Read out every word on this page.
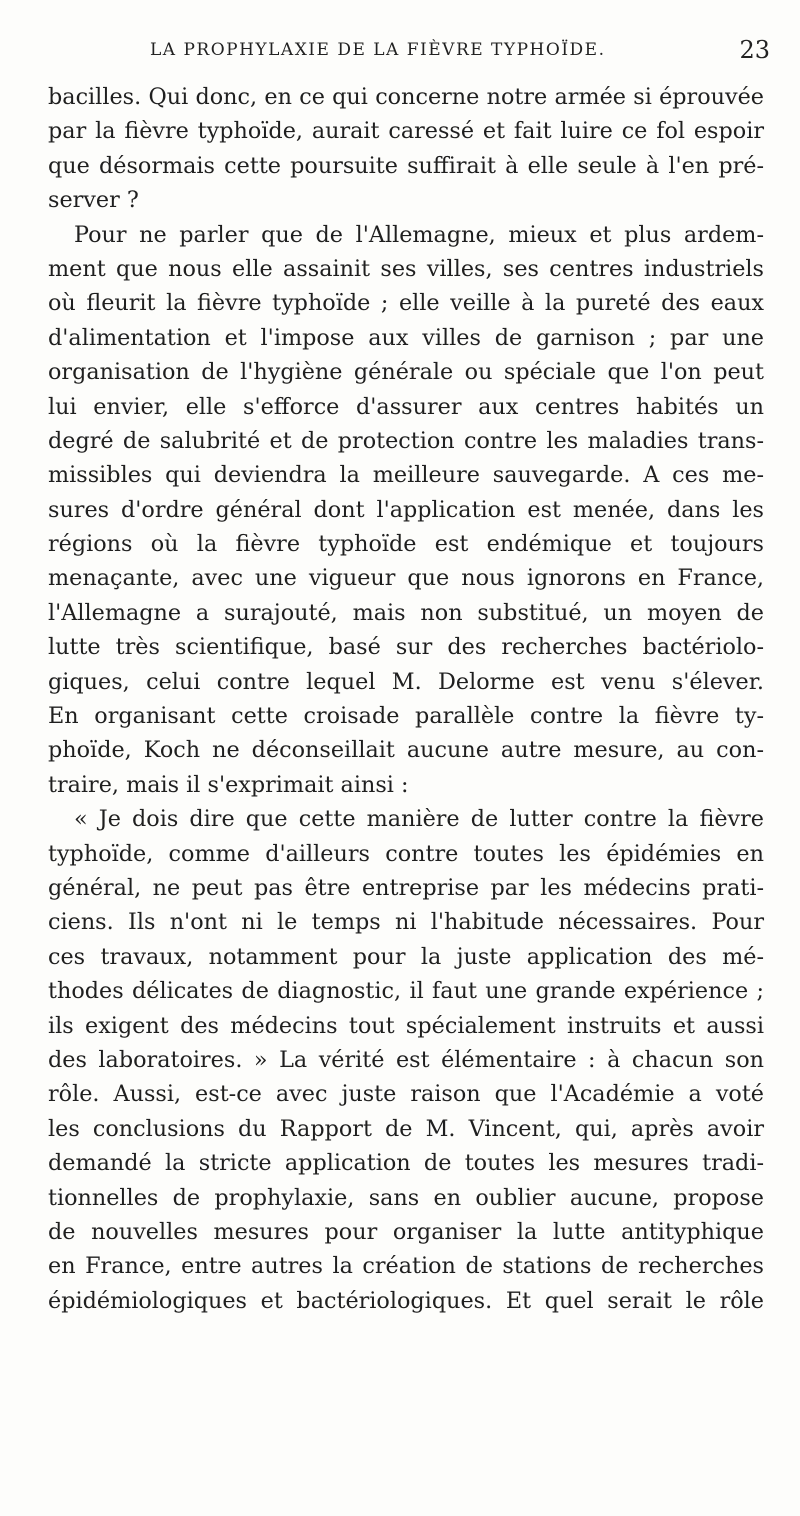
LA PROPHYLAXIE DE LA FIÈVRE TYPHOÏDE.	23
bacilles. Qui donc, en ce qui concerne notre armée si éprouvée
par la fièvre typhoïde, aurait caressé et fait luire ce fol espoir
que désormais cette poursuite suffirait à elle seule à l'en pré-
server ?
Pour ne parler que de l'Allemagne, mieux et plus ardem-
ment que nous elle assainit ses villes, ses centres industriels
où fleurit la fièvre typhoïde ; elle veille à la pureté des eaux
d'alimentation et l'impose aux villes de garnison ; par une
organisation de l'hygiène générale ou spéciale que l'on peut
lui envier, elle s'efforce d'assurer aux centres habités un
degré de salubrité et de protection contre les maladies trans-
missibles qui deviendra la meilleure sauvegarde. A ces me-
sures d'ordre général dont l'application est menée, dans les
régions où la fièvre typhoïde est endémique et toujours
menaçante, avec une vigueur que nous ignorons en France,
l'Allemagne a surajouté, mais non substitué, un moyen de
lutte très scientifique, basé sur des recherches bactériolo-
giques, celui contre lequel M. Delorme est venu s'élever.
En organisant cette croisade parallèle contre la fièvre ty-
phoïde, Koch ne déconseillait aucune autre mesure, au con-
traire, mais il s'exprimait ainsi :
« Je dois dire que cette manière de lutter contre la fièvre
typhoïde, comme d'ailleurs contre toutes les épidémies en
général, ne peut pas être entreprise par les médecins prati-
ciens. Ils n'ont ni le temps ni l'habitude nécessaires. Pour
ces travaux, notamment pour la juste application des mé-
thodes délicates de diagnostic, il faut une grande expérience ;
ils exigent des médecins tout spécialement instruits et aussi
des laboratoires. » La vérité est élémentaire : à chacun son
rôle. Aussi, est-ce avec juste raison que l'Académie a voté
les conclusions du Rapport de M. Vincent, qui, après avoir
demandé la stricte application de toutes les mesures tradi-
tionnelles de prophylaxie, sans en oublier aucune, propose
de nouvelles mesures pour organiser la lutte antityphique
en France, entre autres la création de stations de recherches
épidémiologiques et bactériologiques. Et quel serait le rôle
